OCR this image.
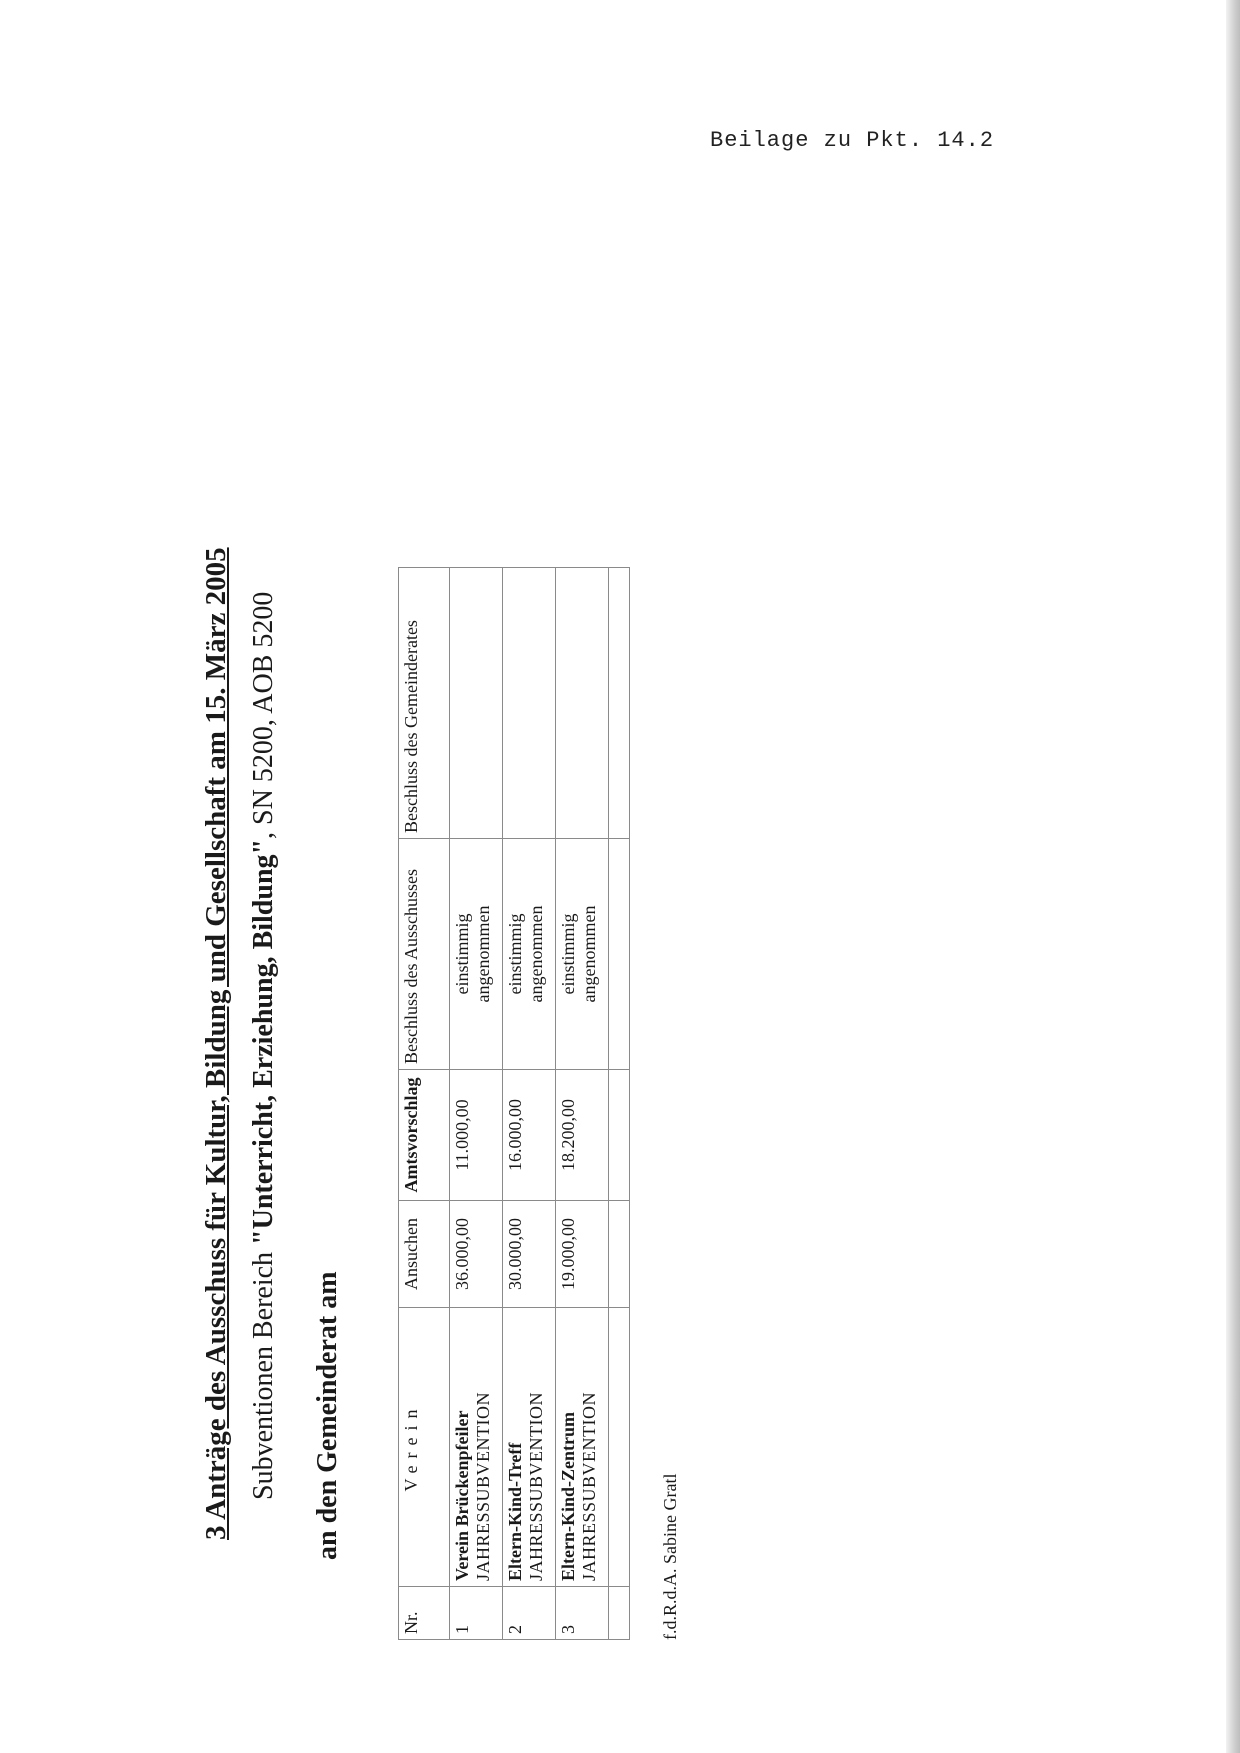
Beilage zu Pkt. 14.2
3 Anträge des Ausschuss für Kultur, Bildung und Gesellschaft am 15. März 2005 Subventionen Bereich "Unterricht, Erziehung, Bildung", SN 5200, AOB 5200
an den Gemeinderat am
Nr.	Verein	Ansuchen	Amtsvorschlag	Beschluss des Ausschusses	Beschluss des Gemeinderates
1	Verein Brückenpfeiler JAHRESSUBVENTION	36.000,00	11.000,00	einstimmig
angenommen	
2	Eltern-Kind-Treff JAHRESSUBVENTION	30.000,00	16.000,00	einstimmig
angenommen	
3	Eltern-Kind-Zentrum JAHRESSUBVENTION	19.000,00	18.200,00	einstimmig
angenommen	

f.d.R.d.A. Sabine Gratl
